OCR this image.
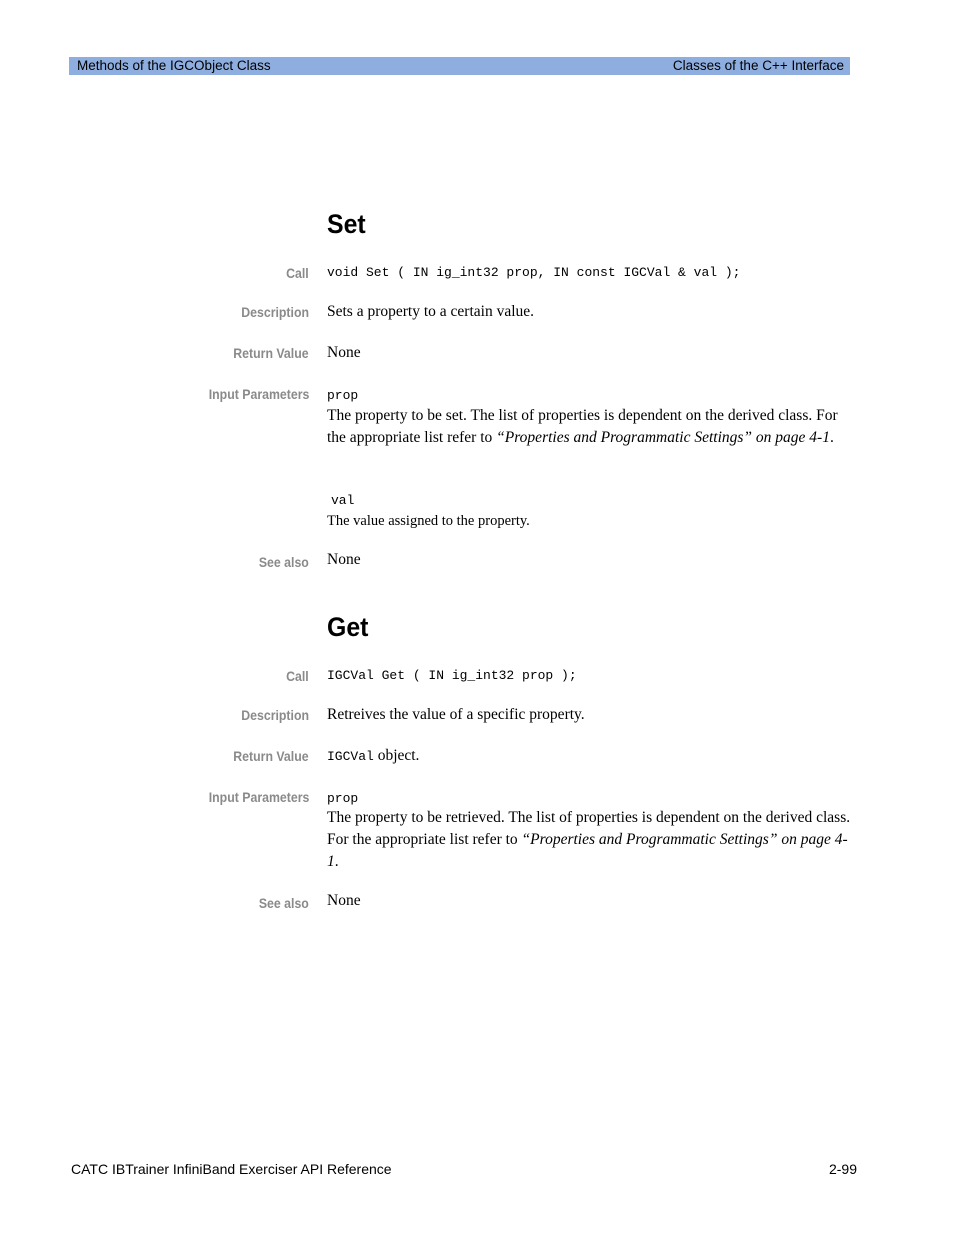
Methods of the IGCObject Class	Classes of the C++ Interface
Set
Call void Set ( IN ig_int32 prop, IN const IGCVal & val );
Description Sets a property to a certain value.
Return Value None
Input Parameters prop
The property to be set. The list of properties is dependent on the derived class. For the appropriate list refer to “Properties and Programmatic Settings” on page 4-1.
val
The value assigned to the property.
See also None
Get
Call IGCVal Get ( IN ig_int32 prop );
Description Retreives the value of a specific property.
Return Value IGCVal object.
Input Parameters prop
The property to be retrieved. The list of properties is dependent on the derived class. For the appropriate list refer to “Properties and Programmatic Settings” on page 4-1.
See also None
CATC IBTrainer InfiniBand Exerciser API Reference	2-99
